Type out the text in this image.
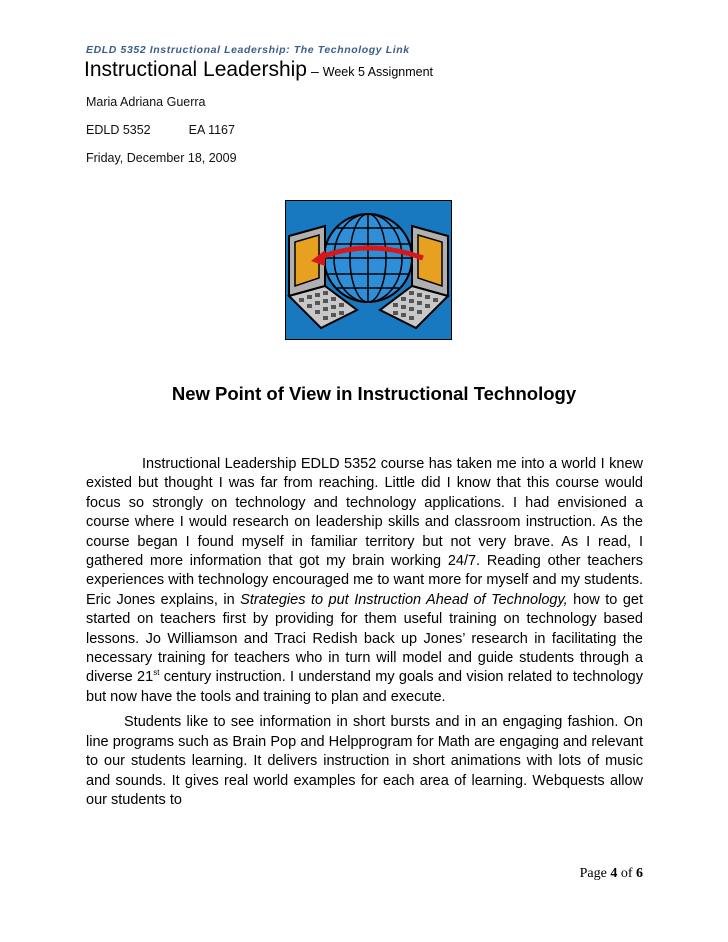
EDLD 5352 Instructional Leadership: The Technology Link
Instructional Leadership – Week 5 Assignment
Maria Adriana Guerra
EDLD 5352	EA 1167
Friday, December 18, 2009
New Point of View in Instructional Technology

Instructional Leadership EDLD 5352 course has taken me into a world I knew existed but thought I was far from reaching. Little did I know that this course would focus so strongly on technology and technology applications. I had envisioned a course where I would research on leadership skills and classroom instruction. As the course began I found myself in familiar territory but not very brave. As I read, I gathered more information that got my brain working 24/7. Reading other teachers experiences with technology encouraged me to want more for myself and my students. Eric Jones explains, in Strategies to put Instruction Ahead of Technology, how to get started on teachers first by providing for them useful training on technology based lessons. Jo Williamson and Traci Redish back up Jones’ research in facilitating the necessary training for teachers who in turn will model and guide students through a diverse 21st century instruction. I understand my goals and vision related to technology but now have the tools and training to plan and execute.

Students like to see information in short bursts and in an engaging fashion. On line programs such as Brain Pop and Helpprogram for Math are engaging and relevant to our students learning. It delivers instruction in short animations with lots of music and sounds. It gives real world examples for each area of learning. Webquests allow our students to

Page 4 of 6
